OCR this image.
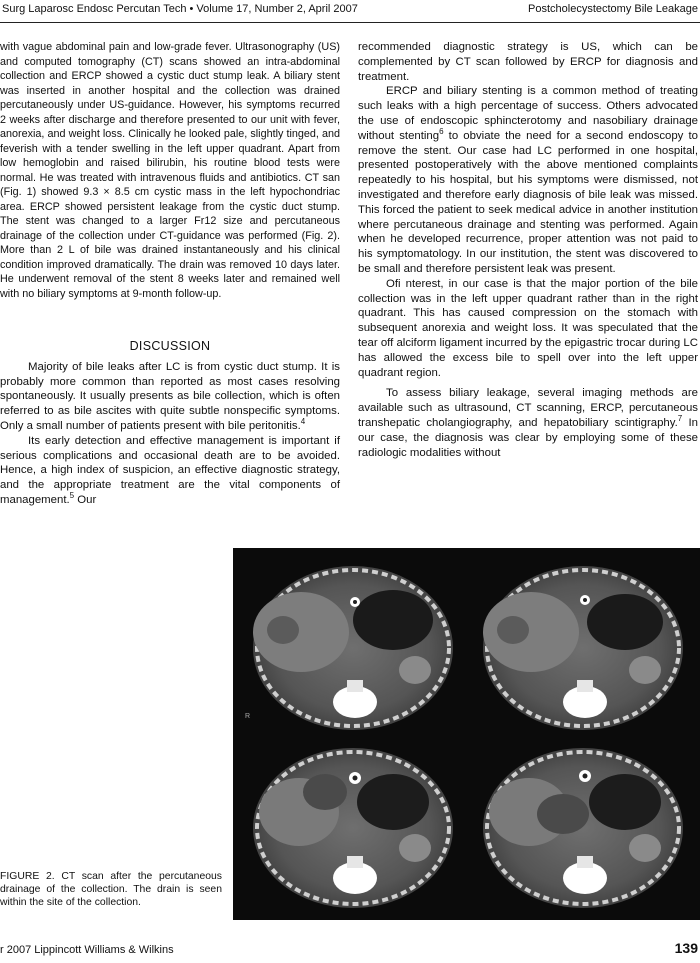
Surg Laparosc Endosc Percutan Tech • Volume 17, Number 2, April 2007	Postcholecystectomy Bile Leakage

with vague abdominal pain and low-grade fever. Ultrasonography (US) and computed tomography (CT) scans showed an intra-abdominal collection and ERCP showed a cystic duct stump leak. A biliary stent was inserted in another hospital and the collection was drained percutaneously under US-guidance. However, his symptoms recurred 2 weeks after discharge and therefore presented to our unit with fever, anorexia, and weight loss. Clinically he looked pale, slightly tinged, and feverish with a tender swelling in the left upper quadrant. Apart from low hemoglobin and raised bilirubin, his routine blood tests were normal. He was treated with intravenous fluids and antibiotics. CT san (Fig. 1) showed 9.3 × 8.5 cm cystic mass in the left hypochondriac area. ERCP showed persistent leakage from the cystic duct stump. The stent was changed to a larger Fr12 size and percutaneous drainage of the collection under CT-guidance was performed (Fig. 2). More than 2 L of bile was drained instantaneously and his clinical condition improved dramatically. The drain was removed 10 days later. He underwent removal of the stent 8 weeks later and remained well with no biliary symptoms at 9-month follow-up.

DISCUSSION

Majority of bile leaks after LC is from cystic duct stump. It is probably more common than reported as most cases resolving spontaneously. It usually presents as bile collection, which is often referred to as bile ascites with quite subtle nonspecific symptoms. Only a small number of patients present with bile peritonitis.$^4$

Its early detection and effective management is important if serious complications and occasional death are to be avoided. Hence, a high index of suspicion, an effective diagnostic strategy, and the appropriate treatment are the vital components of management.$^5$ Our

recommended diagnostic strategy is US, which can be complemented by CT scan followed by ERCP for diagnosis and treatment.

ERCP and biliary stenting is a common method of treating such leaks with a high percentage of success. Others advocated the use of endoscopic sphincterotomy and nasobiliary drainage without stenting$^6$ to obviate the need for a second endoscopy to remove the stent. Our case had LC performed in one hospital, presented postoperatively with the above mentioned complaints repeatedly to his hospital, but his symptoms were dismissed, not investigated and therefore early diagnosis of bile leak was missed. This forced the patient to seek medical advice in another institution where percutaneous drainage and stenting was performed. Again when he developed recurrence, proper attention was not paid to his symptomatology. In our institution, the stent was discovered to be small and therefore persistent leak was present.

Ofi nterest, in our case is that the major portion of the bile collection was in the left upper quadrant rather than in the right quadrant. This has caused compression on the stomach with subsequent anorexia and weight loss. It was speculated that the tear off alciform ligament incurred by the epigastric trocar during LC has allowed the excess bile to spell over into the left upper quadrant region.

To assess biliary leakage, several imaging methods are available such as ultrasound, CT scanning, ERCP, percutaneous transhepatic cholangiography, and hepatobiliary scintigraphy.$^7$ In our case, the diagnosis was clear by employing some of these radiologic modalities without

R
FIGURE 2. CT scan after the percutaneous drainage of the collection. The drain is seen within the site of the collection.
r 2007 Lippincott Williams & Wilkins	139
